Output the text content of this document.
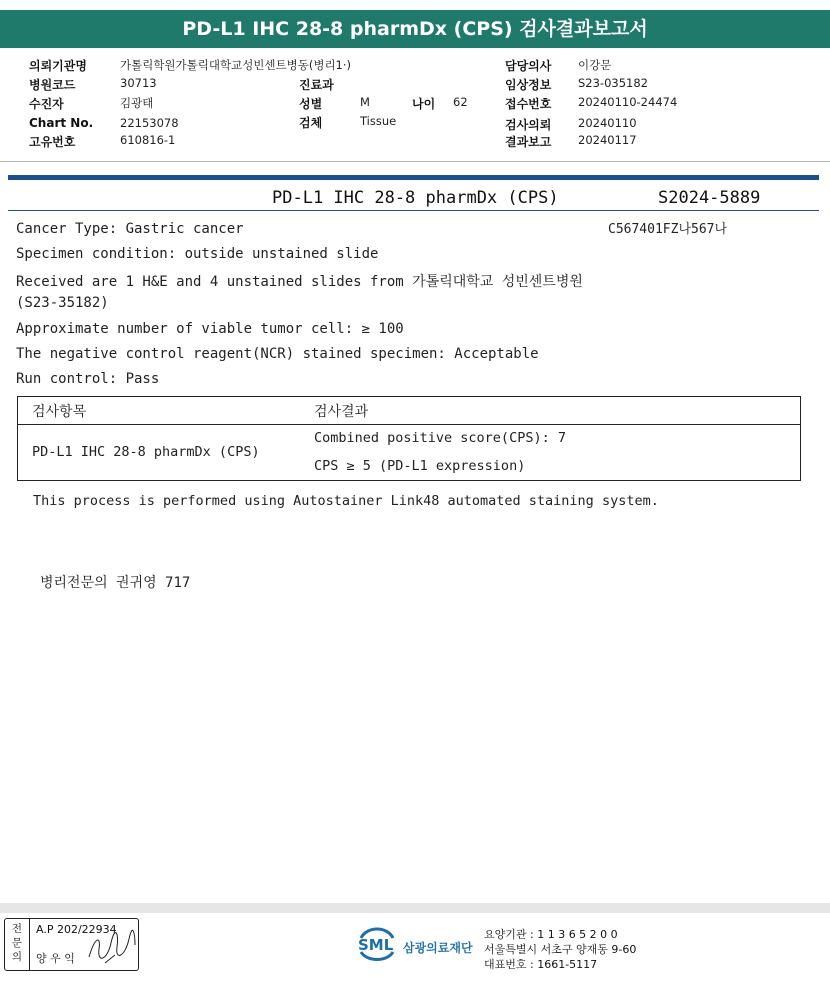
PD-L1 IHC 28-8 pharmDx (CPS) 검사결과보고서
의뢰기관명	가톨릭학원가톨릭대학교성빈센트병동(병리1·)
병원코드	30713
수진자	김광태
Chart No. 22153078
고유번호	610816-1
진료과
성별	M	나이 62
검체	Tissue
담당의사 이강문
임상정보 S23-035182
접수번호 20240110-24474
검사의뢰 20240110
결과보고 20240117
PD-L1 IHC 28-8 pharmDx (CPS)	S2024-5889
C567401FZ나567나
Cancer Type: Gastric cancer
Specimen condition: outside unstained slide
Received are 1 H&E and 4 unstained slides from 가톨릭대학교 성빈센트병원
(S23-35182)
Approximate number of viable tumor cell: ≥ 100
The negative control reagent(NCR) stained specimen: Acceptable
Run control: Pass
검사항목	검사결과
PD-L1 IHC 28-8 pharmDx (CPS)
Combined positive score(CPS): 7
CPS ≥ 5 (PD-L1 expression)
This process is performed using Autostainer Link48 automated staining system.
병리전문의 권귀영 717
전문의
A.P 202/22934
양 우 익
SML 삼광의료재단
요양기관 : 1 1 3 6 5 2 0 0
서울특별시 서초구 양재동 9-60
대표번호 : 1661-5117
